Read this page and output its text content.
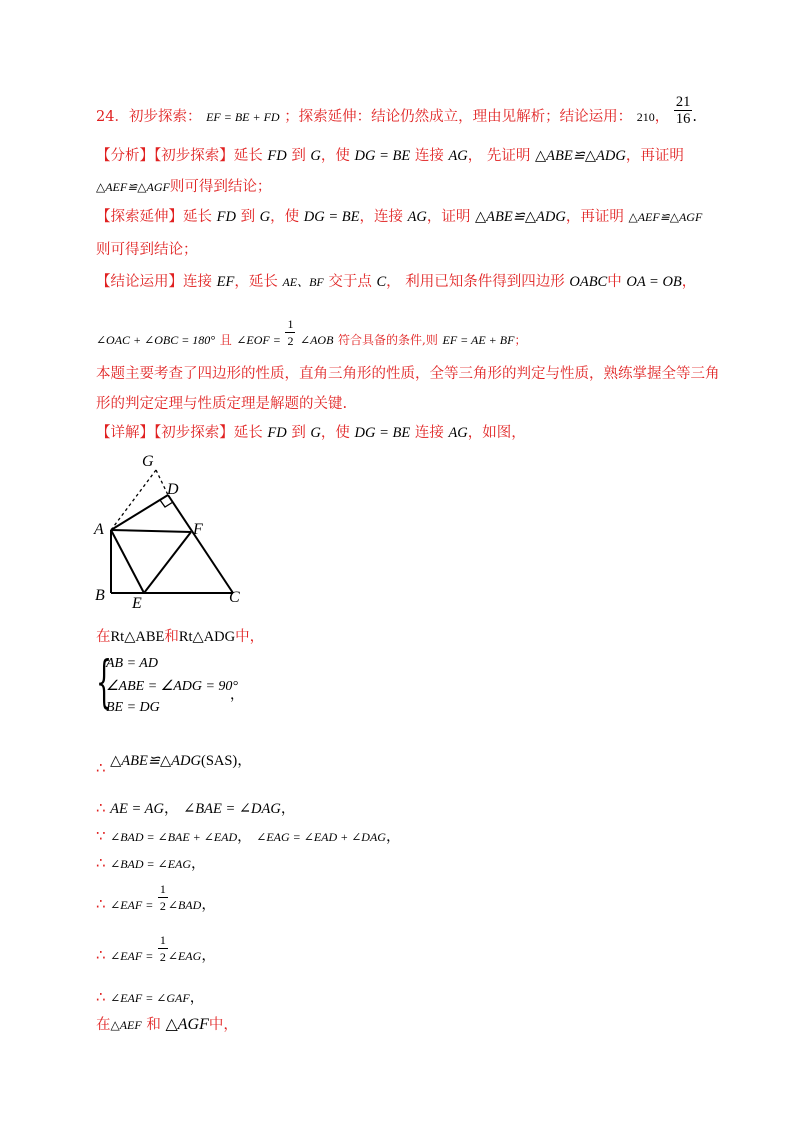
24．初步探索： EF = BE + FD ；探索延伸：结论仍然成立，理由见解析；结论运用： 210， $\frac{21}{16}$ .
【分析】【初步探索】延长 FD 到 G，使 DG = BE 连接 AG， 先证明 △ABE≌△ADG，再证明
△AEF≌△AGF则可得到结论；
【探索延伸】延长 FD 到 G，使 DG = BE，连接 AG，证明 △ABE≌△ADG，再证明 △AEF≌△AGF
则可得到结论；
【结论运用】连接 EF，延长 AE、BF 交于点 C， 利用已知条件得到四边形 OABC中 OA = OB，
∠OAC + ∠OBC = 180° 且 ∠EOF = $\frac{1}{2}$ ∠AOB 符合具备的条件,则 EF = AE + BF；
本题主要考查了四边形的性质，直角三角形的性质，全等三角形的判定与性质，熟练掌握全等三角
形的判定定理与性质定理是解题的关键.
【详解】【初步探索】延长 FD 到 G，使 DG = BE 连接 AG，如图，
G
D
A	F
B E	C
在Rt△ABE和Rt△ADG中，
{
AB = AD
∠ABE = ∠ADG = 90°
BE = DG
，
∴ △ABE≌△ADG(SAS)，
∴ AE = AG， ∠BAE = ∠DAG，
∵ ∠BAD = ∠BAE + ∠EAD， ∠EAG = ∠EAD + ∠DAG，
∴ ∠BAD = ∠EAG，
∴ ∠EAF = $\frac{1}{2}$ ∠BAD，
∴ ∠EAF = $\frac{1}{2}$ ∠EAG，
∴ ∠EAF = ∠GAF，
在△AEF 和 △AGF中，
